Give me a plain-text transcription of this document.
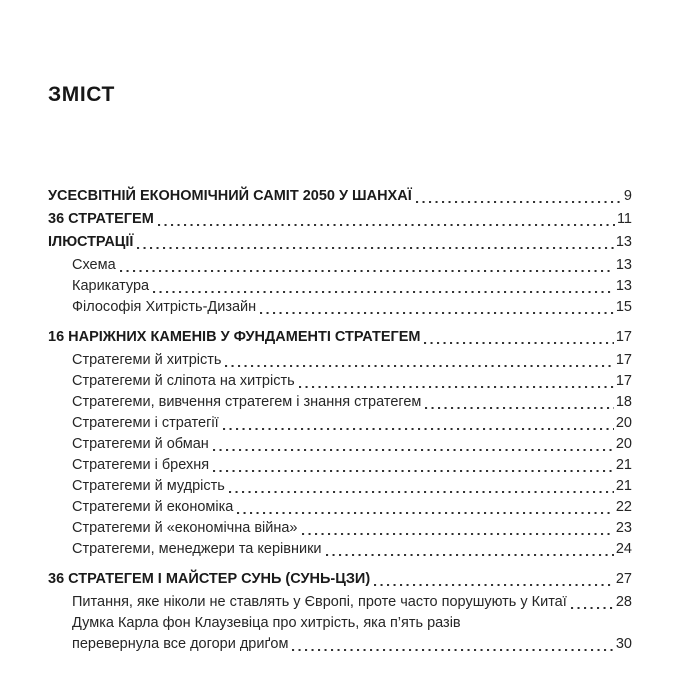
ЗМІСТ
УСЕСВІТНІЙ ЕКОНОМІЧНИЙ САМІТ 2050 У ШАНХАЇ	9
36 СТРАТЕГЕМ	11
ІЛЮСТРАЦІЇ	13
Схема	13
Карикатура	13
Філософія Хитрість-Дизайн	15
16 НАРІЖНИХ КАМЕНІВ У ФУНДАМЕНТІ СТРАТЕГЕМ	17
Стратегеми й хитрість	17
Стратегеми й сліпота на хитрість	17
Стратегеми, вивчення стратегем і знання стратегем	18
Стратегеми і стратегії	20
Стратегеми й обман	20
Стратегеми і брехня	21
Стратегеми й мудрість	21
Стратегеми й економіка	22
Стратегеми й «економічна війна»	23
Стратегеми, менеджери та керівники	24
36 СТРАТЕГЕМ І МАЙСТЕР СУНЬ (СУНЬ-ЦЗИ)	27
Питання, яке ніколи не ставлять у Європі, проте часто порушують у Китаї	28
Думка Карла фон Клаузевіца про хитрість, яка п’ять разів
перевернула все догори дриґом	30
